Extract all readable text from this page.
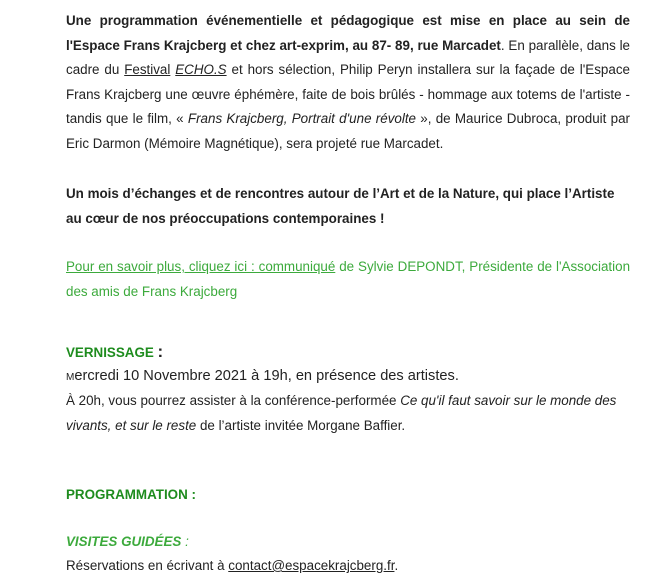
Une programmation événementielle et pédagogique est mise en place au sein de l'Espace Frans Krajcberg et chez art-exprim, au 87- 89, rue Marcadet. En parallèle, dans le cadre du Festival ECHO.S et hors sélection, Philip Peryn installera sur la façade de l'Espace Frans Krajcberg une œuvre éphémère, faite de bois brûlés - hommage aux totems de l'artiste - tandis que le film, « Frans Krajcberg, Portrait d'une révolte », de Maurice Dubroca, produit par Eric Darmon (Mémoire Magnétique), sera projeté rue Marcadet.
Un mois d’échanges et de rencontres autour de l’Art et de la Nature, qui place l’Artiste au cœur de nos préoccupations contemporaines !
Pour en savoir plus, cliquez ici : communiqué de Sylvie DEPONDT, Présidente de l'Association des amis de Frans Krajcberg
VERNISSAGE :
Mercredi 10 Novembre 2021 à 19h, en présence des artistes.
À 20h, vous pourrez assister à la conférence-performée Ce qu'il faut savoir sur le monde des vivants, et sur le reste de l’artiste invitée Morgane Baffier.
PROGRAMMATION :
VISITES GUIDÉES :
Réservations en écrivant à contact@espacekrajcberg.fr.
